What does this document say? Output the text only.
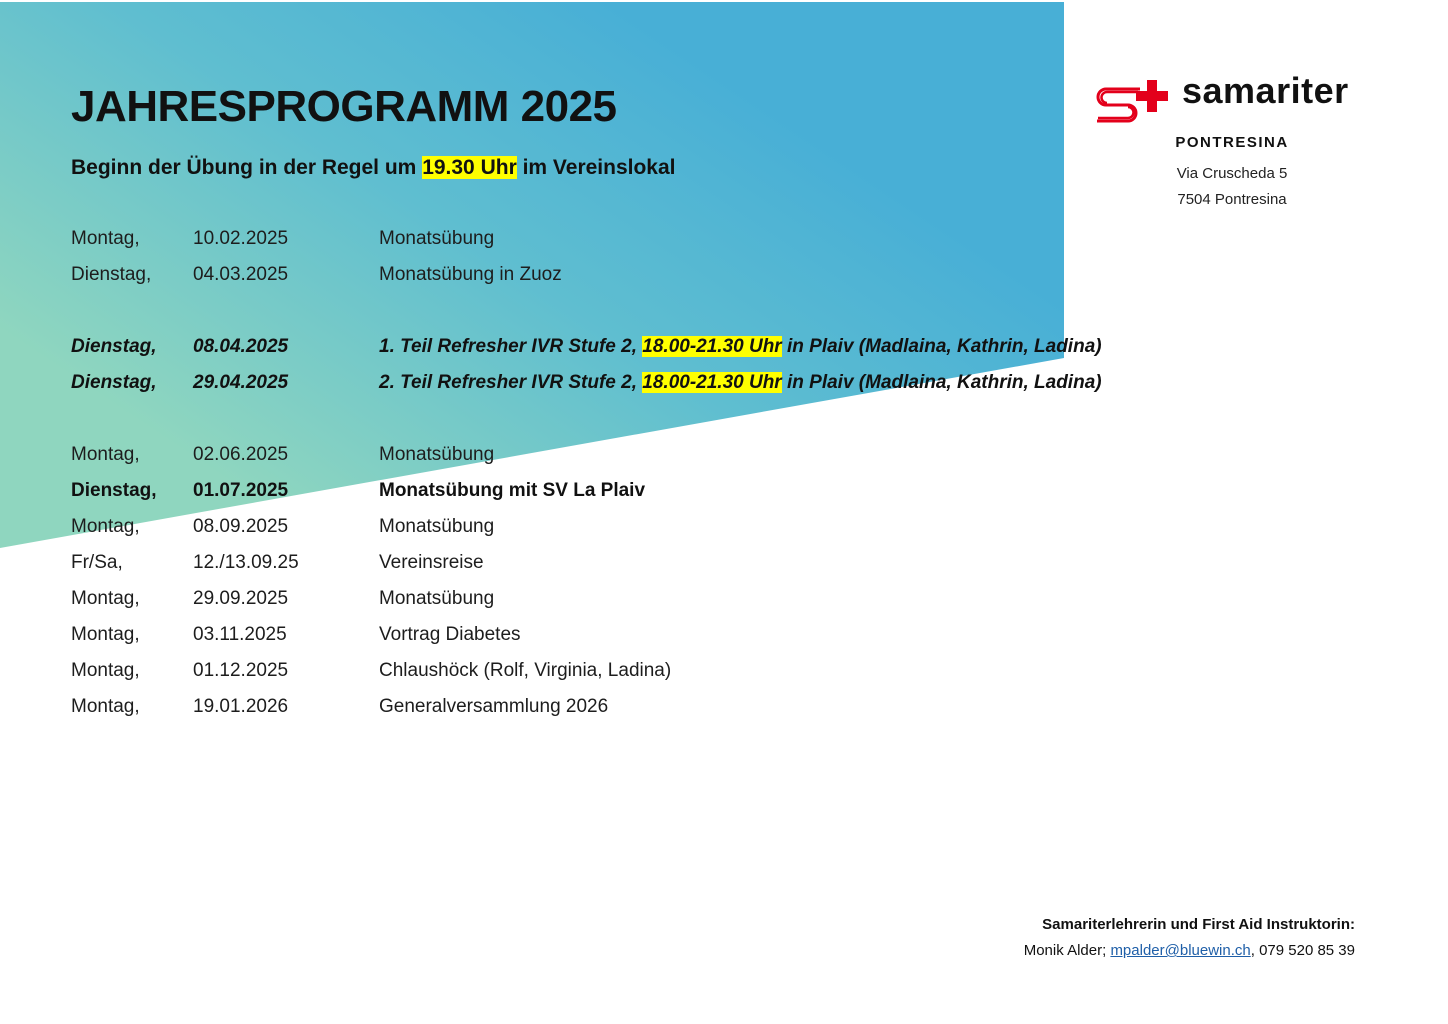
JAHRESPROGRAMM 2025

Beginn der Übung in der Regel um 19.30 Uhr im Vereinslokal

Montag,	10.02.2025	Monatsübung
Dienstag, 04.03.2025	Monatsübung in Zuoz
Dienstag, 08.04.2025	1. Teil Refresher IVR Stufe 2, 18.00-21.30 Uhr in Plaiv (Madlaina, Kathrin, Ladina)
Dienstag, 29.04.2025	2. Teil Refresher IVR Stufe 2, 18.00-21.30 Uhr in Plaiv (Madlaina, Kathrin, Ladina)
Montag,	02.06.2025	Monatsübung
Dienstag, 01.07.2025	Monatsübung mit SV La Plaiv
Montag,	08.09.2025	Monatsübung
Fr/Sa,	12./13.09.25	Vereinsreise
Montag,	29.09.2025	Monatsübung
Montag,	03.11.2025	Vortrag Diabetes
Montag,	01.12.2025	Chlaushöck (Rolf, Virginia, Ladina)
Montag,	19.01.2026	Generalversammlung 2026
samariter

PONTRESINA

Via Cruscheda 5

7504 Pontresina

Samariterlehrerin und First Aid Instruktorin:

Monik Alder; mpalder@bluewin.ch, 079 520 85 39
